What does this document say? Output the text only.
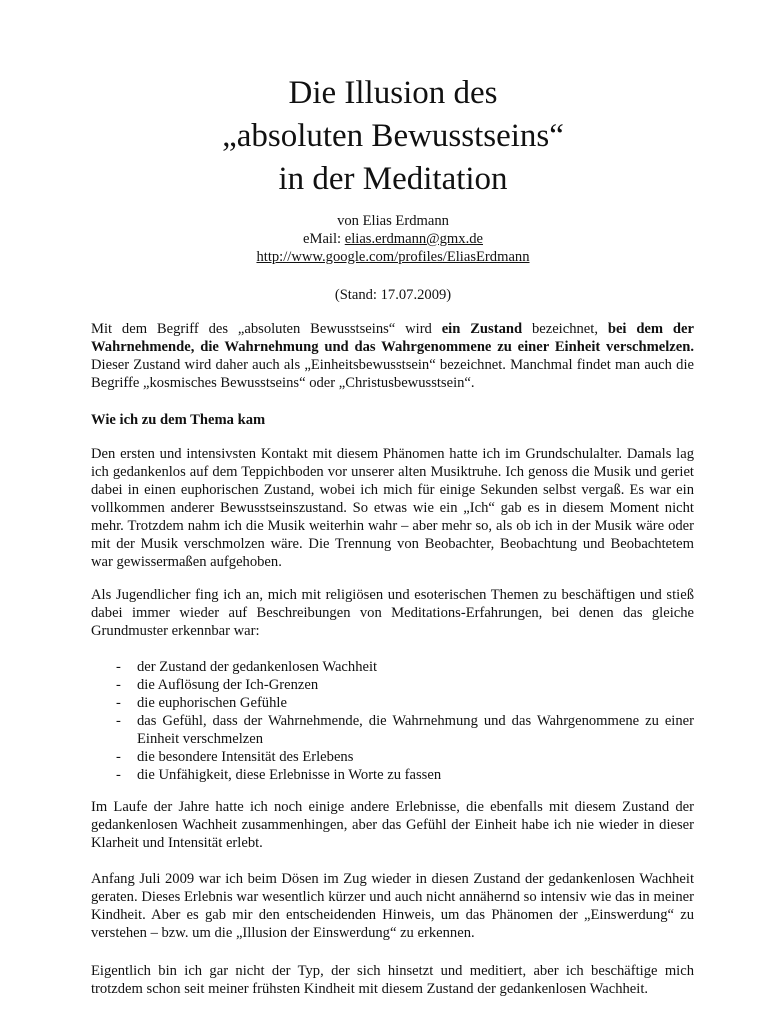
Die Illusion des
„absoluten Bewusstseins“
in der Meditation
von Elias Erdmann
eMail: elias.erdmann@gmx.de
http://www.google.com/profiles/EliasErdmann
(Stand: 17.07.2009)

Mit dem Begriff des „absoluten Bewusstseins“ wird ein Zustand bezeichnet, bei dem der Wahrnehmende, die Wahrnehmung und das Wahrgenommene zu einer Einheit verschmelzen. Dieser Zustand wird daher auch als „Einheitsbewusstsein“ bezeichnet. Manchmal findet man auch die Begriffe „kosmisches Bewusstseins“ oder „Christusbewusstsein“.

Wie ich zu dem Thema kam

Den ersten und intensivsten Kontakt mit diesem Phänomen hatte ich im Grundschulalter. Damals lag ich gedankenlos auf dem Teppichboden vor unserer alten Musiktruhe. Ich genoss die Musik und geriet dabei in einen euphorischen Zustand, wobei ich mich für einige Sekunden selbst vergaß. Es war ein vollkommen anderer Bewusstseinszustand. So etwas wie ein „Ich“ gab es in diesem Moment nicht mehr. Trotzdem nahm ich die Musik weiterhin wahr – aber mehr so, als ob ich in der Musik wäre oder mit der Musik verschmolzen wäre. Die Trennung von Beobachter, Beobachtung und Beobachtetem war gewissermaßen aufgehoben.

Als Jugendlicher fing ich an, mich mit religiösen und esoterischen Themen zu beschäftigen und stieß dabei immer wieder auf Beschreibungen von Meditations-Erfahrungen, bei denen das gleiche Grundmuster erkennbar war:

- der Zustand der gedankenlosen Wachheit
- die Auflösung der Ich-Grenzen
- die euphorischen Gefühle
- das Gefühl, dass der Wahrnehmende, die Wahrnehmung und das Wahrgenommene zu einer Einheit verschmelzen
- die besondere Intensität des Erlebens
- die Unfähigkeit, diese Erlebnisse in Worte zu fassen

Im Laufe der Jahre hatte ich noch einige andere Erlebnisse, die ebenfalls mit diesem Zustand der gedankenlosen Wachheit zusammenhingen, aber das Gefühl der Einheit habe ich nie wieder in dieser Klarheit und Intensität erlebt.

Anfang Juli 2009 war ich beim Dösen im Zug wieder in diesen Zustand der gedankenlosen Wachheit geraten. Dieses Erlebnis war wesentlich kürzer und auch nicht annähernd so intensiv wie das in meiner Kindheit. Aber es gab mir den entscheidenden Hinweis, um das Phänomen der „Einswerdung“ zu verstehen – bzw. um die „Illusion der Einswerdung“ zu erkennen.

Eigentlich bin ich gar nicht der Typ, der sich hinsetzt und meditiert, aber ich beschäftige mich trotzdem schon seit meiner frühsten Kindheit mit diesem Zustand der gedankenlosen Wachheit.
